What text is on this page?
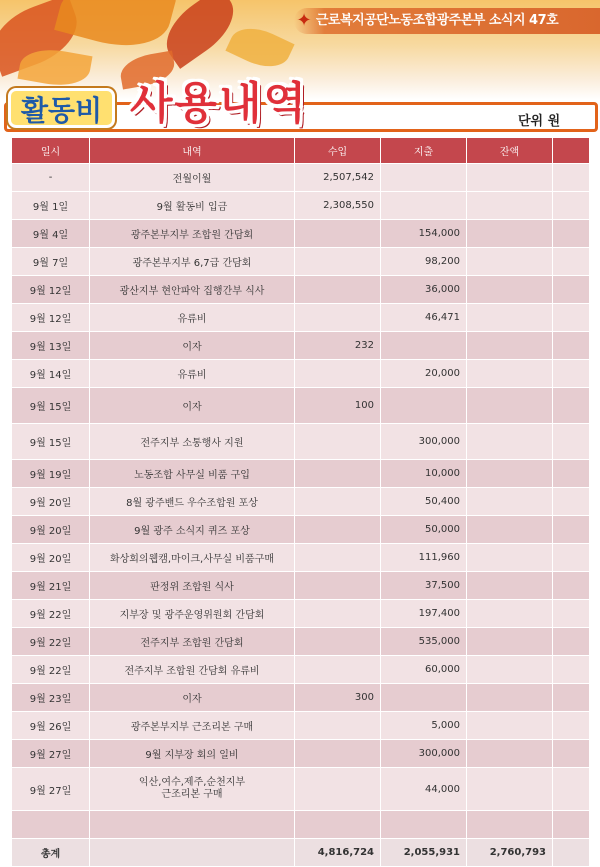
✦ 근로복지공단노동조합광주본부 소식지 47호
활동비 사용내역	단위 원
일시	내역	수입	지출	잔액	
-	전월이월	2,507,542			
9월 1일	9월 활동비 입금	2,308,550			
9월 4일	광주본부지부 조합원 간담회		154,000		
9월 7일	광주본부지부 6,7급 간담회		98,200		
9월 12일	광산지부 현안파악 집행간부 식사		36,000		
9월 12일	유류비		46,471		
9월 13일	이자	232			
9월 14일	유류비		20,000		
9월 15일	이자	100			
9월 15일	전주지부 소통행사 지원		300,000		
9월 19일	노동조합 사무실 비품 구입		10,000		
9월 20일	8월 광주밴드 우수조합원 포상		50,400		
9월 20일	9월 광주 소식지 퀴즈 포상		50,000		
9월 20일	화상회의웹캠,마이크,사무실 비품구매		111,960		
9월 21일	판정위 조합원 식사		37,500		
9월 22일	지부장 및 광주운영위원회 간담회		197,400		
9월 22일	전주지부 조합원 간담회		535,000		
9월 22일	전주지부 조합원 간담회 유류비		60,000		
9월 23일	이자	300			
9월 26일	광주본부지부 근조리본 구매		5,000		
9월 27일	9월 지부장 회의 일비		300,000		
9월 27일	익산,여수,제주,순천지부
근조리본 구매		44,000		

총계		4,816,724	2,055,931	2,760,793	
